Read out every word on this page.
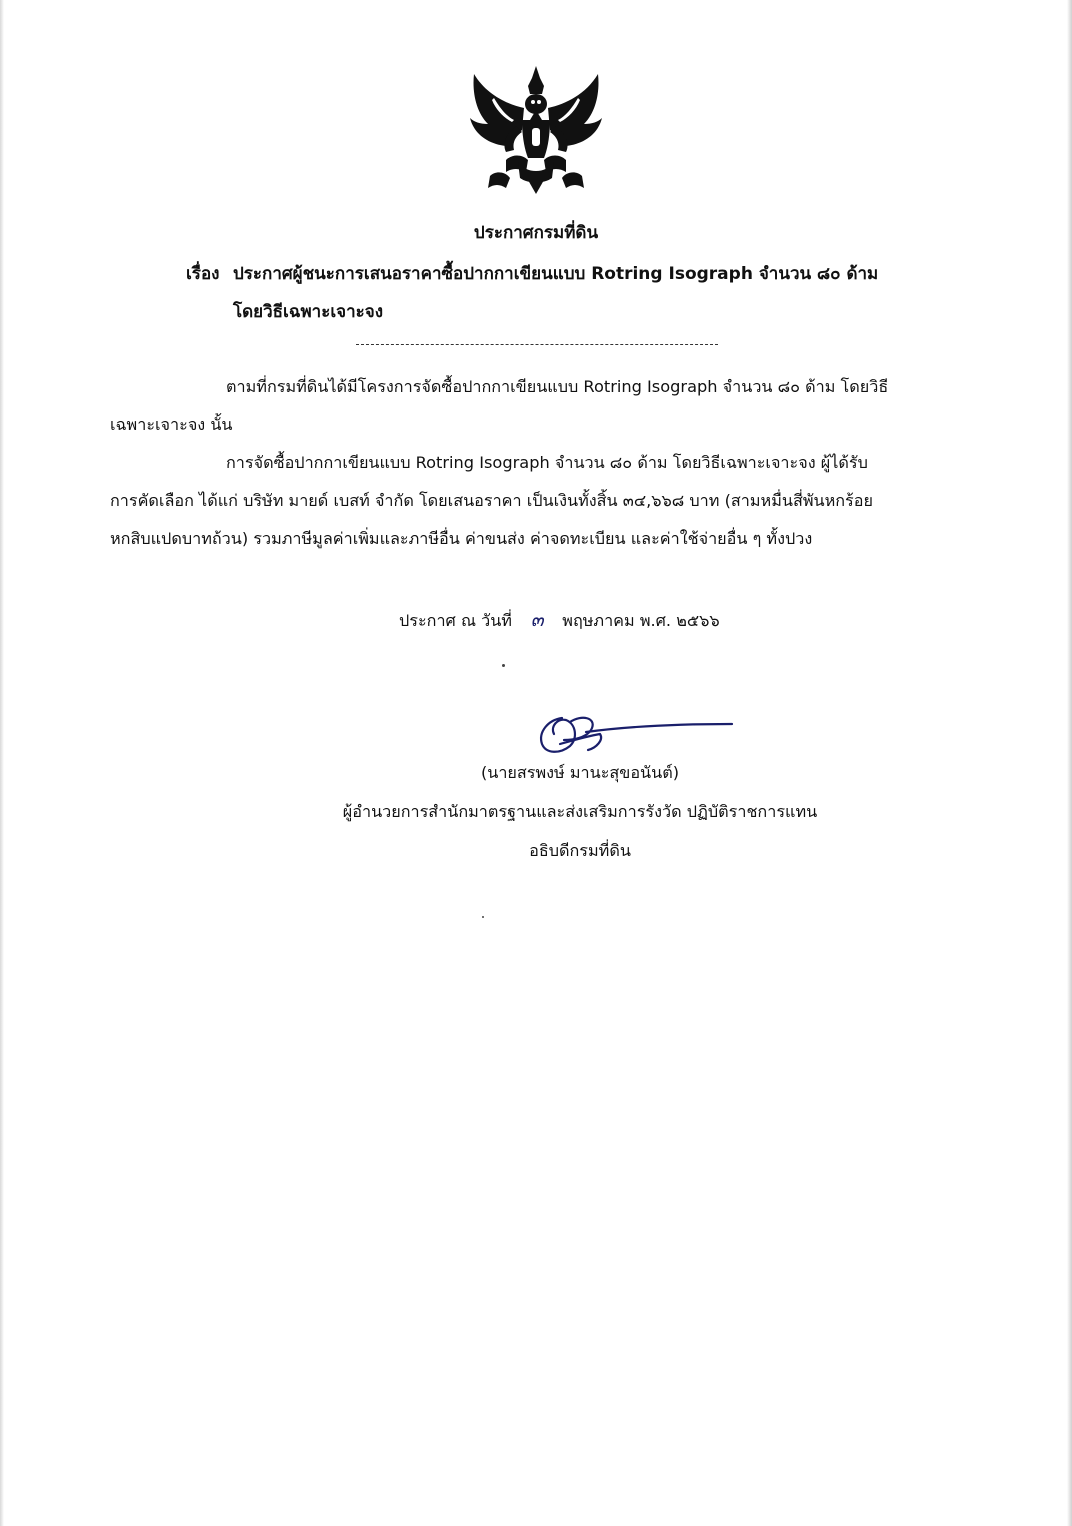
ประกาศกรมที่ดิน
เรื่อง ประกาศผู้ชนะการเสนอราคาซื้อปากกาเขียนแบบ Rotring Isograph จำนวน ๘๐ ด้าม
โดยวิธีเฉพาะเจาะจง
ตามที่กรมที่ดินได้มีโครงการจัดซื้อปากกาเขียนแบบ Rotring Isograph จำนวน ๘๐ ด้าม โดยวิธี
เฉพาะเจาะจง นั้น
การจัดซื้อปากกาเขียนแบบ Rotring Isograph จำนวน ๘๐ ด้าม โดยวิธีเฉพาะเจาะจง ผู้ได้รับ
การคัดเลือก ได้แก่ บริษัท มายด์ เบสท์ จำกัด โดยเสนอราคา เป็นเงินทั้งสิ้น ๓๔,๖๖๘ บาท (สามหมื่นสี่พันหกร้อย
หกสิบแปดบาทถ้วน) รวมภาษีมูลค่าเพิ่มและภาษีอื่น ค่าขนส่ง ค่าจดทะเบียน และค่าใช้จ่ายอื่น ๆ ทั้งปวง
ประกาศ ณ วันที่ ๓ พฤษภาคม พ.ศ. ๒๕๖๖
(นายสรพงษ์ มานะสุขอนันต์)
ผู้อำนวยการสำนักมาตรฐานและส่งเสริมการรังวัด ปฏิบัติราชการแทน
อธิบดีกรมที่ดิน
